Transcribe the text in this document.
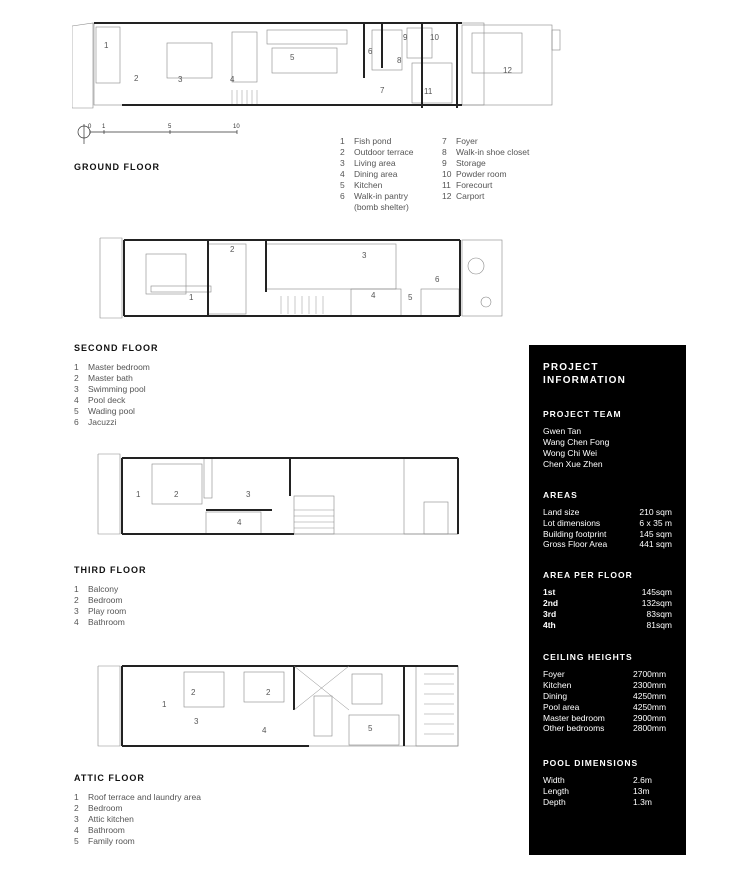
1
2	3	4
5
6
7
8
9	10
11
12
0 1	5	10
GROUND FLOOR
1	Fish pond
2	Outdoor terrace
3	Living area
4	Dining area
5	Kitchen
6	Walk-in pantry
(bomb shelter)
7	Foyer
8	Walk-in shoe closet
9	Storage
10 Powder room
11 Forecourt
12 Carport
1
2
3
4	5
6
SECOND FLOOR
1	Master bedroom
2	Master bath
3	Swimming pool
4	Pool deck
5	Wading pool
6	Jacuzzi
1	2	3
4
THIRD FLOOR
1	Balcony
2	Bedroom
3	Play room
4	Bathroom
1
2	2
3
4	5
ATTIC FLOOR
1	Roof terrace and laundry area
2	Bedroom
3	Attic kitchen
4	Bathroom
5	Family room
PROJECT INFORMATION
PROJECT TEAM
Gwen Tan
Wang Chen Fong
Wong Chi Wei
Chen Xue Zhen
AREAS
Land size	210 sqm
Lot dimensions	6 x 35 m
Building footprint	145 sqm
Gross Floor Area	441 sqm
AREA PER FLOOR
1st	145sqm
2nd	132sqm
3rd	83sqm
4th	81sqm
CEILING HEIGHTS
Foyer	2700mm
Kitchen	2300mm
Dining	4250mm
Pool area	4250mm
Master bedroom	2900mm
Other bedrooms	2800mm
POOL DIMENSIONS
Width	2.6m
Length	13m
Depth	1.3m
